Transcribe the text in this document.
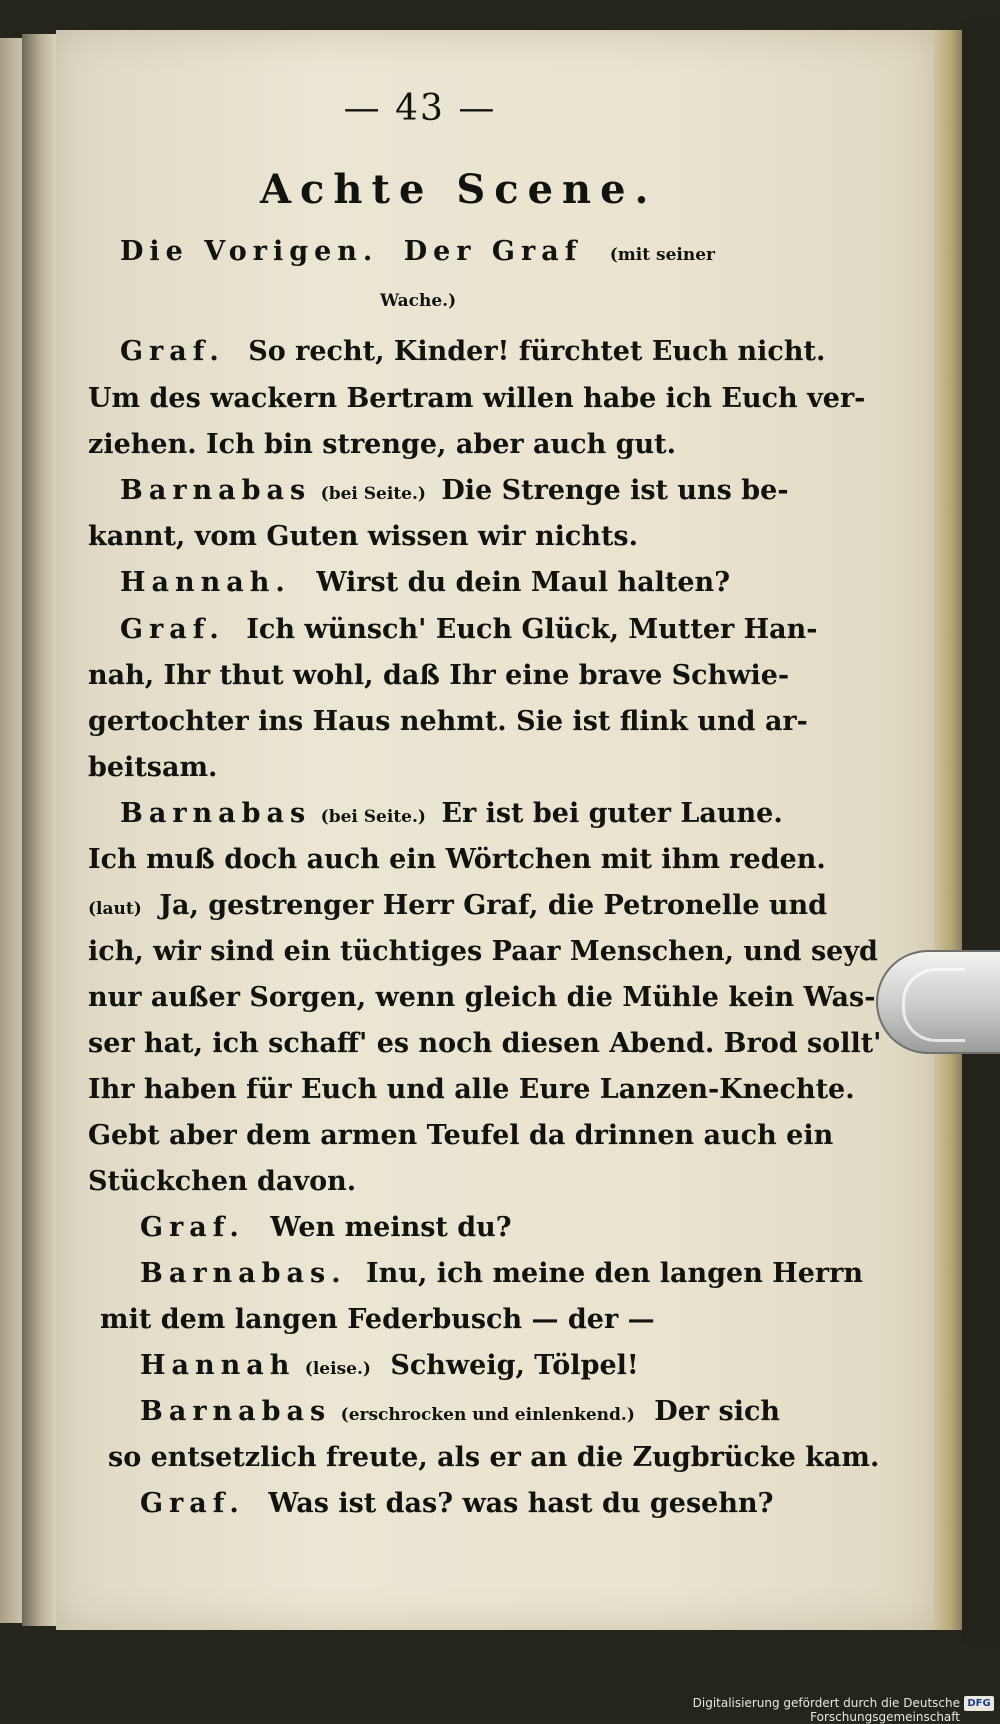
— 43 —
Achte Scene.
Die Vorigen. Der Graf (mit seiner
Wache.)
Graf. So recht, Kinder! fürchtet Euch nicht.
Um des wackern Bertram willen habe ich Euch ver-
ziehen. Ich bin strenge, aber auch gut.
Barnabas (bei Seite.) Die Strenge ist uns be-
kannt, vom Guten wissen wir nichts.
Hannah. Wirst du dein Maul halten?
Graf. Ich wünsch' Euch Glück, Mutter Han-
nah, Ihr thut wohl, daß Ihr eine brave Schwie-
gertochter ins Haus nehmt. Sie ist flink und ar-
beitsam.
Barnabas (bei Seite.) Er ist bei guter Laune.
Ich muß doch auch ein Wörtchen mit ihm reden.
(laut) Ja, gestrenger Herr Graf, die Petronelle und
ich, wir sind ein tüchtiges Paar Menschen, und seyd
nur außer Sorgen, wenn gleich die Mühle kein Was-
ser hat, ich schaff' es noch diesen Abend. Brod sollt'
Ihr haben für Euch und alle Eure Lanzen-Knechte.
Gebt aber dem armen Teufel da drinnen auch ein
Stückchen davon.
Graf. Wen meinst du?
Barnabas. Inu, ich meine den langen Herrn
mit dem langen Federbusch — der —
Hannah (leise.) Schweig, Tölpel!
Barnabas (erschrocken und einlenkend.) Der sich
so entsetzlich freute, als er an die Zugbrücke kam.
Graf. Was ist das? was hast du gesehn?
Digitalisierung gefördert durch die Deutsche Forschungsgemeinschaft
DFG
